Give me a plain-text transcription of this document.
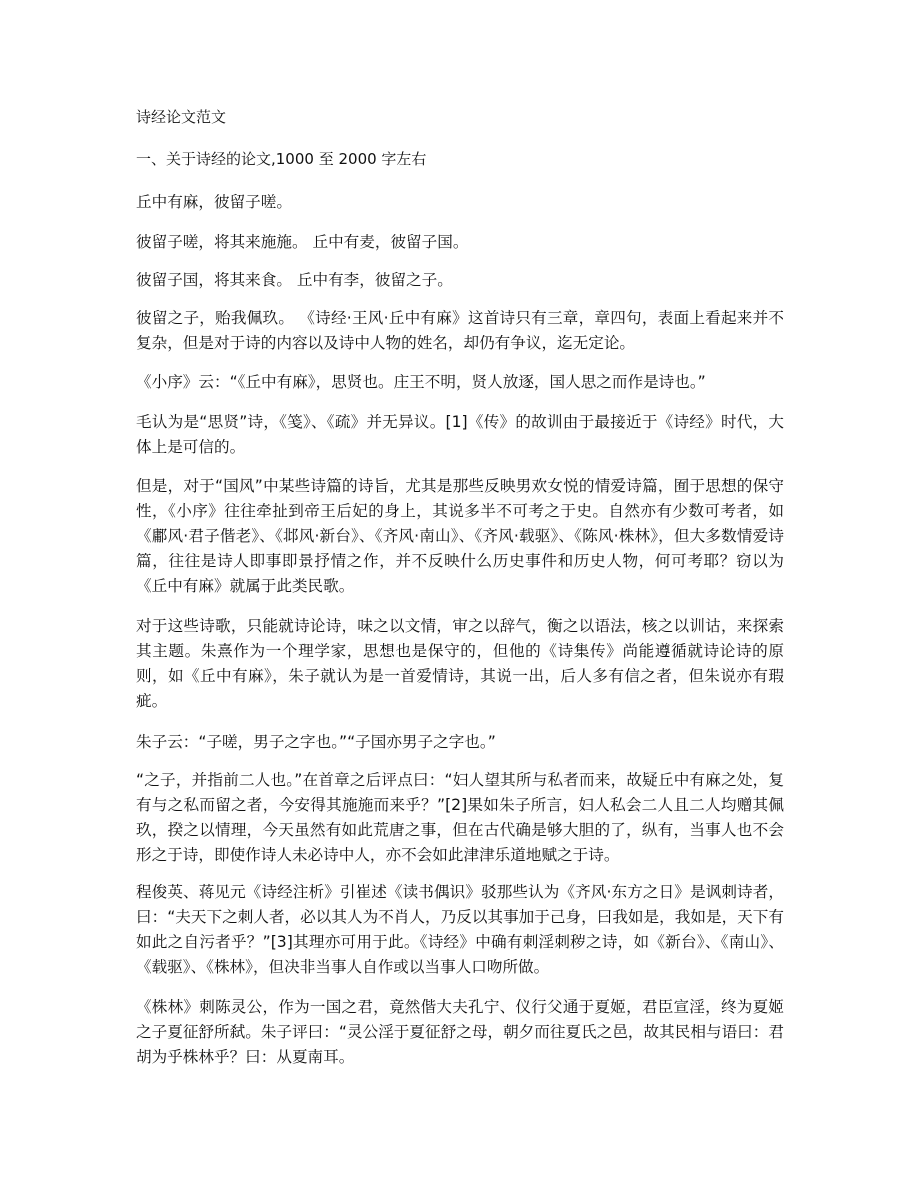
诗经论文范文
一、关于诗经的论文,1000 至 2000 字左右

丘中有麻，彼留子嗟。

彼留子嗟，将其来施施。 丘中有麦，彼留子国。

彼留子国，将其来食。 丘中有李，彼留之子。

彼留之子，贻我佩玖。 《诗经·王风·丘中有麻》这首诗只有三章，章四句，表面上看起来并不复杂，但是对于诗的内容以及诗中人物的姓名，却仍有争议，迄无定论。

《小序》云：“《丘中有麻》，思贤也。庄王不明，贤人放逐，国人思之而作是诗也。”

毛认为是“思贤”诗，《笺》、《疏》并无异议。[1]《传》的故训由于最接近于《诗经》时代，大体上是可信的。

但是，对于“国风”中某些诗篇的诗旨，尤其是那些反映男欢女悦的情爱诗篇，囿于思想的保守性，《小序》往往牵扯到帝王后妃的身上，其说多半不可考之于史。自然亦有少数可考者，如《鄘风·君子偕老》、《邶风·新台》、《齐风·南山》、《齐风·载驱》、《陈风·株林》，但大多数情爱诗篇，往往是诗人即事即景抒情之作，并不反映什么历史事件和历史人物，何可考耶？窃以为《丘中有麻》就属于此类民歌。

对于这些诗歌，只能就诗论诗，味之以文情，审之以辞气，衡之以语法，核之以训诂，来探索其主题。朱熹作为一个理学家，思想也是保守的，但他的《诗集传》尚能遵循就诗论诗的原则，如《丘中有麻》，朱子就认为是一首爱情诗，其说一出，后人多有信之者，但朱说亦有瑕疵。

朱子云：“子嗟，男子之字也。”“子国亦男子之字也。”

“之子，并指前二人也。”在首章之后评点曰：“妇人望其所与私者而来，故疑丘中有麻之处，复有与之私而留之者，今安得其施施而来乎？”[2]果如朱子所言，妇人私会二人且二人均赠其佩玖，揆之以情理，今天虽然有如此荒唐之事，但在古代确是够大胆的了，纵有，当事人也不会形之于诗，即使作诗人未必诗中人，亦不会如此津津乐道地赋之于诗。

程俊英、蒋见元《诗经注析》引崔述《读书偶识》驳那些认为《齐风·东方之日》是讽刺诗者，曰：“夫天下之刺人者，必以其人为不肖人，乃反以其事加于己身，曰我如是，我如是，天下有如此之自污者乎？”[3]其理亦可用于此。《诗经》中确有刺淫刺秽之诗，如《新台》、《南山》、《载驱》、《株林》，但决非当事人自作或以当事人口吻所做。

《株林》刺陈灵公，作为一国之君，竟然偕大夫孔宁、仪行父通于夏姬，君臣宣淫，终为夏姬之子夏征舒所弑。朱子评曰：“灵公淫于夏征舒之母，朝夕而往夏氏之邑，故其民相与语曰：君胡为乎株林乎？曰：从夏南耳。
